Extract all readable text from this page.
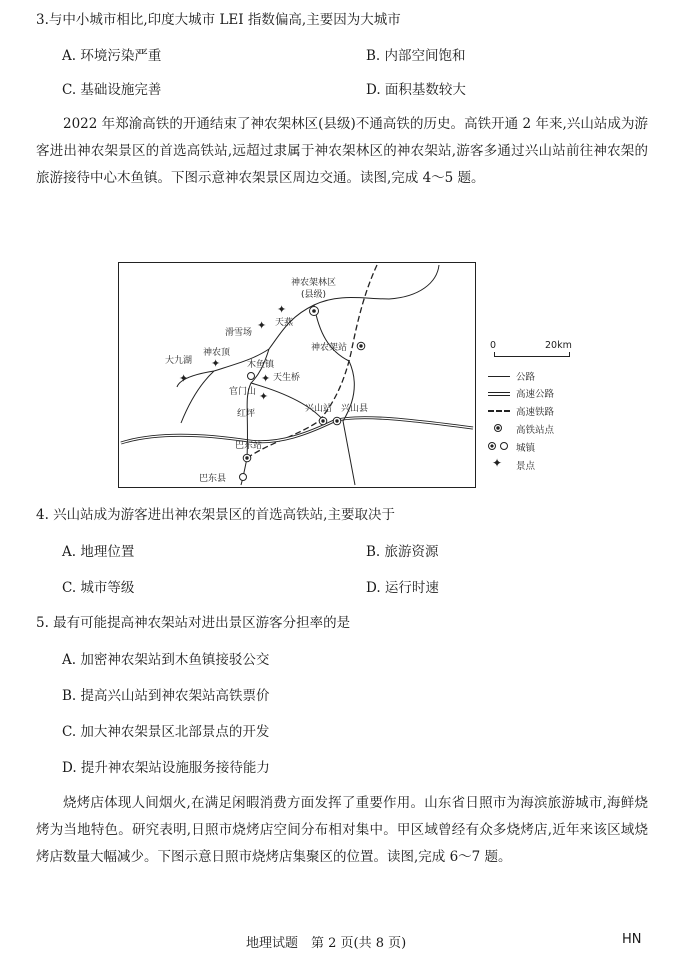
3.与中小城市相比,印度大城市 LEI 指数偏高,主要因为大城市
A. 环境污染严重	B. 内部空间饱和
C. 基础设施完善	D. 面积基数较大
2022 年郑渝高铁的开通结束了神农架林区(县级)不通高铁的历史。高铁开通 2 年来,兴山站成为游客进出神农架景区的首选高铁站,远超过隶属于神农架林区的神农架站,游客多通过兴山站前往神农架的旅游接待中心木鱼镇。下图示意神农架景区周边交通。读图,完成 4～5 题。
神农架林区
(县级)
大九湖
✦
神农顶
✦
滑雪场
✦ 天燕
✦
木鱼镇
✦ 天生桥
官门山 ✦
红坪
神农架站
兴山站 兴山县
巴东站
巴东县
0	20km
公路
高速公路
高速铁路
高铁站点
城镇
✦ 景点
4. 兴山站成为游客进出神农架景区的首选高铁站,主要取决于
A. 地理位置	B. 旅游资源
C. 城市等级	D. 运行时速
5. 最有可能提高神农架站对进出景区游客分担率的是
A. 加密神农架站到木鱼镇接驳公交
B. 提高兴山站到神农架站高铁票价
C. 加大神农架景区北部景点的开发
D. 提升神农架站设施服务接待能力
烧烤店体现人间烟火,在满足闲暇消费方面发挥了重要作用。山东省日照市为海滨旅游城市,海鲜烧烤为当地特色。研究表明,日照市烧烤店空间分布相对集中。甲区域曾经有众多烧烤店,近年来该区域烧烤店数量大幅减少。下图示意日照市烧烤店集聚区的位置。读图,完成 6～7 题。
地理试题　第 2 页(共 8 页)	HN
